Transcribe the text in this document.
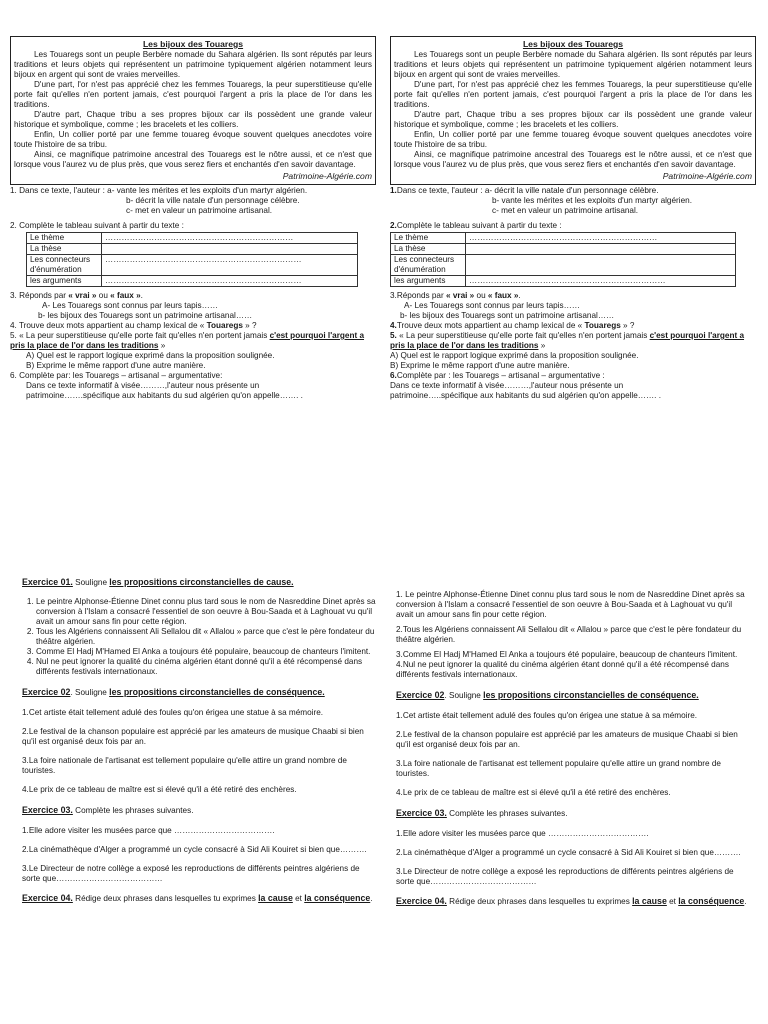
Les bijoux des Touaregs

Les Touaregs sont un peuple Berbère nomade du Sahara algérien. Ils sont réputés par leurs traditions et leurs objets qui représentent un patrimoine typiquement algérien notamment leurs bijoux en argent qui sont de vraies merveilles.

D'une part, l'or n'est pas apprécié chez les femmes Touaregs, la peur superstitieuse qu'elle porte fait qu'elles n'en portent jamais, c'est pourquoi l'argent a pris la place de l'or dans les traditions.

D'autre part, Chaque tribu a ses propres bijoux car ils possèdent une grande valeur historique et symbolique, comme ; les bracelets et les colliers.

Enfin, Un collier porté par une femme touareg évoque souvent quelques anecdotes voire toute l'histoire de sa tribu.

Ainsi, ce magnifique patrimoine ancestral des Touaregs est le nôtre aussi, et ce n'est que lorsque vous l'aurez vu de plus près, que vous serez fiers et enchantés d'en savoir davantage.

Patrimoine-Algérie.com
1. Dans ce texte, l'auteur : a- vante les mérites et les exploits d'un martyr algérien.
b- décrit la ville natale d'un personnage célèbre.
c- met en valeur un patrimoine artisanal.
2. Complète le tableau suivant à partir du texte :
Le thème	……………………………………………………………
La thèse	
Les connecteurs d'énumération	………………………………………………………………
les arguments	………………………………………………………………
3. Réponds par « vrai » ou « faux ».
A- Les Touaregs sont connus par leurs tapis……
b- les bijoux des Touaregs sont un patrimoine artisanal……
4. Trouve deux mots appartient au champ lexical de « Touaregs » ?
5. « La peur superstitieuse qu'elle porte fait qu'elles n'en portent jamais c'est pourquoi l'argent a pris la place de l'or dans les traditions »
A) Quel est le rapport logique exprimé dans la proposition soulignée.
B) Exprime le même rapport d'une autre manière.
6. Complète par: les Touaregs – artisanal – argumentative:
Dans ce texte informatif à visée………,l'auteur nous présente un
patrimoine…….spécifique aux habitants du sud algérien qu'on appelle……. .
Les bijoux des Touaregs

Les Touaregs sont un peuple Berbère nomade du Sahara algérien. Ils sont réputés par leurs traditions et leurs objets qui représentent un patrimoine typiquement algérien notamment leurs bijoux en argent qui sont de vraies merveilles.

D'une part, l'or n'est pas apprécié chez les femmes Touaregs, la peur superstitieuse qu'elle porte fait qu'elles n'en portent jamais, c'est pourquoi l'argent a pris la place de l'or dans les traditions.

D'autre part, Chaque tribu a ses propres bijoux car ils possèdent une grande valeur historique et symbolique, comme ; les bracelets et les colliers.

Enfin, Un collier porté par une femme touareg évoque souvent quelques anecdotes voire toute l'histoire de sa tribu.

Ainsi, ce magnifique patrimoine ancestral des Touaregs est le nôtre aussi, et ce n'est que lorsque vous l'aurez vu de plus près, que vous serez fiers et enchantés d'en savoir davantage.

Patrimoine-Algérie.com
1.Dans ce texte, l'auteur : a- décrit la ville natale d'un personnage célèbre.
b- vante les mérites et les exploits d'un martyr algérien.
c- met en valeur un patrimoine artisanal.
2.Complète le tableau suivant à partir du texte :
Le thème	……………………………………………………………
La thèse	
Les connecteurs d'énumération	
les arguments	………………………………………………………………
3.Réponds par « vrai » ou « faux ».
A- Les Touaregs sont connus par leurs tapis……
b- les bijoux des Touaregs sont un patrimoine artisanal……
4.Trouve deux mots appartient au champ lexical de « Touaregs » ?
5. « La peur superstitieuse qu'elle porte fait qu'elles n'en portent jamais c'est pourquoi l'argent a pris la place de l'or dans les traditions »
A) Quel est le rapport logique exprimé dans la proposition soulignée.
B) Exprime le même rapport d'une autre manière.
6.Complète par : les Touaregs – artisanal – argumentative :
Dans ce texte informatif à visée………,l'auteur nous présente un
patrimoine…..spécifique aux habitants du sud algérien qu'on appelle……. .
Exercice 01. Souligne les propositions circonstancielles de cause.
1. Le peintre Alphonse-Étienne Dinet connu plus tard sous le nom de Nasreddine Dinet après sa conversion à l'Islam a consacré l'essentiel de son oeuvre à Bou-Saada et à Laghouat vu qu'il avait un amour sans fin pour cette région.
2. Tous les Algériens connaissent Ali Sellalou dit « Allalou » parce que c'est le père fondateur du théâtre algérien.
3. Comme El Hadj M'Hamed El Anka a toujours été populaire, beaucoup de chanteurs l'imitent.
4. Nul ne peut ignorer la qualité du cinéma algérien étant donné qu'il a été récompensé dans différents festivals internationaux.
Exercice 02. Souligne les propositions circonstancielles de conséquence.
1.Cet artiste était tellement adulé des foules qu'on érigea une statue à sa mémoire.
2.Le festival de la chanson populaire est apprécié par les amateurs de musique Chaabi si bien qu'il est organisé deux fois par an.
3.La foire nationale de l'artisanat est tellement populaire qu'elle attire un grand nombre de touristes.
4.Le prix de ce tableau de maître est si élevé qu'il a été retiré des enchères.
Exercice 03. Complète les phrases suivantes.
1.Elle adore visiter les musées parce que ……………………………….
2.La cinémathèque d'Alger a programmé un cycle consacré à Sid Ali Kouiret si bien que……….
3.Le Directeur de notre collège a exposé les reproductions de différents peintres algériens de sorte que…………………………………
Exercice 04. Rédige deux phrases dans lesquelles tu exprimes la cause et la conséquence.
1. Le peintre Alphonse-Étienne Dinet connu plus tard sous le nom de Nasreddine Dinet après sa conversion à l'Islam a consacré l'essentiel de son oeuvre à Bou-Saada et à Laghouat vu qu'il avait un amour sans fin pour cette région.
2.Tous les Algériens connaissent Ali Sellalou dit « Allalou » parce que c'est le père fondateur du théâtre algérien.
3.Comme El Hadj M'Hamed El Anka a toujours été populaire, beaucoup de chanteurs l'imitent.
4.Nul ne peut ignorer la qualité du cinéma algérien étant donné qu'il a été récompensé dans différents festivals internationaux.
Exercice 02. Souligne les propositions circonstancielles de conséquence.
1.Cet artiste était tellement adulé des foules qu'on érigea une statue à sa mémoire.
2.Le festival de la chanson populaire est apprécié par les amateurs de musique Chaabi si bien qu'il est organisé deux fois par an.
3.La foire nationale de l'artisanat est tellement populaire qu'elle attire un grand nombre de touristes.
4.Le prix de ce tableau de maître est si élevé qu'il a été retiré des enchères.
Exercice 03. Complète les phrases suivantes.
1.Elle adore visiter les musées parce que ……………………………….
2.La cinémathèque d'Alger a programmé un cycle consacré à Sid Ali Kouiret si bien que……….
3.Le Directeur de notre collège a exposé les reproductions de différents peintres algériens de sorte que…………………………………
Exercice 04. Rédige deux phrases dans lesquelles tu exprimes la cause et la conséquence.
